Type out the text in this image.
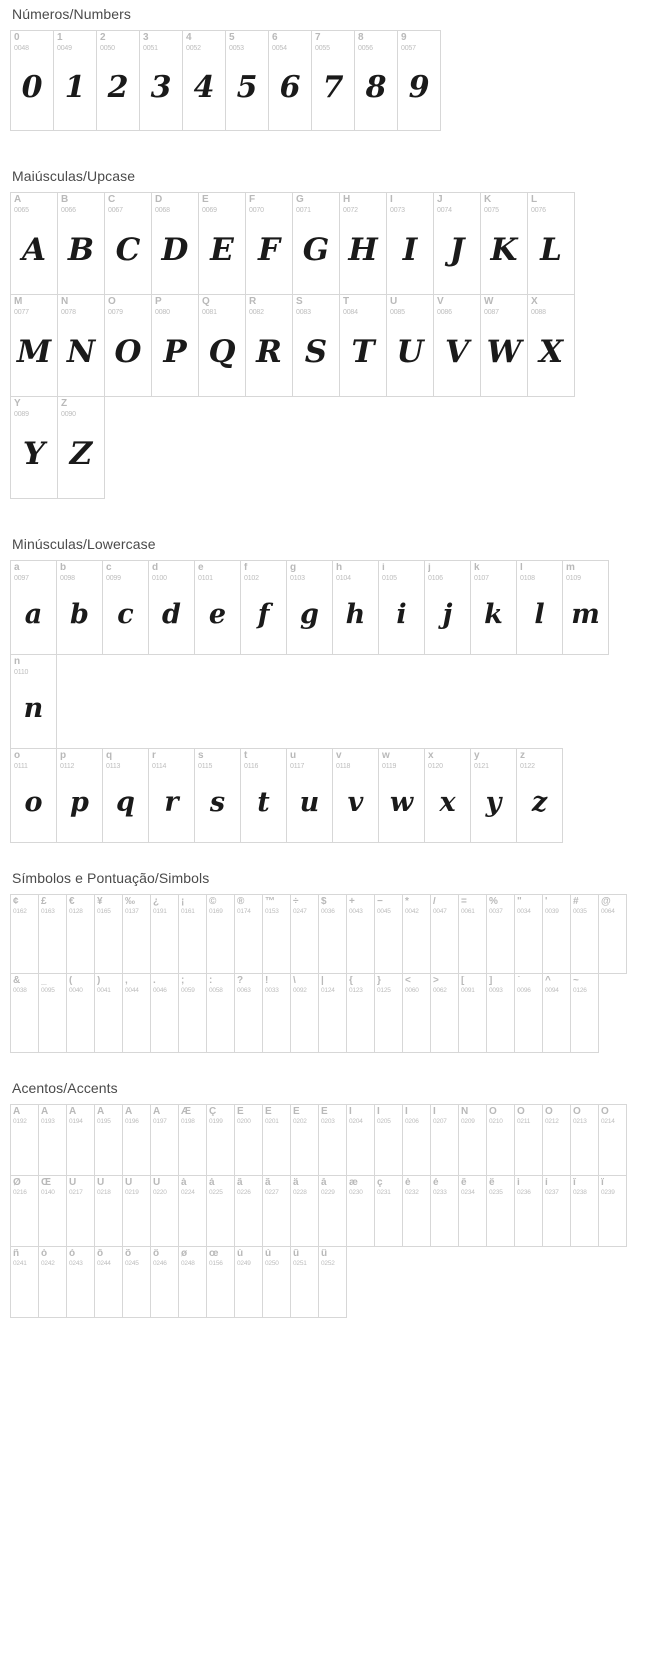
Números/Numbers
0
0048
0
1
0049
1
2
0050
2
3
0051
3
4
0052
4
5
0053
5
6
0054
6
7
0055
7
8
0056
8
9
0057
9
Maiúsculas/Upcase
A
0065
A
B
0066
B
C
0067
C
D
0068
D
E
0069
E
F
0070
F
G
0071
G
H
0072
H
I
0073
I
J
0074
J
K
0075
K
L
0076
L
M
0077
M
N
0078
N
O
0079
O
P
0080
P
Q
0081
Q
R
0082
R
S
0083
S
T
0084
T
U
0085
U
V
0086
V
W
0087
W
X
0088
X
Y
0089
Y
Z
0090
Z
Minúsculas/Lowercase
a
0097
a
b
0098
b
c
0099
c
d
0100
d
e
0101
e
f
0102
f
g
0103
g
h
0104
h
i
0105
i
j
0106
j
k
0107
k
l
0108
l
m
0109
m
n
0110
n
o
0111
o
p
0112
p
q
0113
q
r
0114
r
s
0115
s
t
0116
t
u
0117
u
v
0118
v
w
0119
w
x
0120
x
y
0121
y
z
0122
z
Símbolos e Pontuação/Simbols
¢
0162
£
0163
€
0128
¥
0165
‰
0137
¿
0191
¡
0161
©
0169
®
0174
™
0153
÷
0247
$
0036
+
0043
−
0045
*
0042
/
0047
=
0061
%
0037
"
0034
'
0039
#
0035
@
0064
&
0038
_
0095
(
0040
)
0041
,
0044
.
0046
;
0059
:
0058
?
0063
!
0033
\
0092
|
0124
{
0123
}
0125
<
0060
>
0062
[
0091
]
0093
`
0096
^
0094
~
0126
Acentos/Accents
À
0192
Á
0193
Â
0194
Ã
0195
Ä
0196
Å
0197
Æ
0198
Ç
0199
È
0200
É
0201
Ê
0202
Ë
0203
Ì
0204
Í
0205
Î
0206
Ï
0207
Ñ
0209
Ò
0210
Ó
0211
Ô
0212
Õ
0213
Ö
0214
Ø
0216
Œ
0140
Ù
0217
Ú
0218
Û
0219
Ü
0220
à
0224
á
0225
â
0226
ã
0227
ä
0228
å
0229
æ
0230
ç
0231
è
0232
é
0233
ê
0234
ë
0235
ì
0236
í
0237
î
0238
ï
0239
ñ
0241
ò
0242
ó
0243
ô
0244
õ
0245
ö
0246
ø
0248
œ
0156
ù
0249
ú
0250
û
0251
ü
0252
